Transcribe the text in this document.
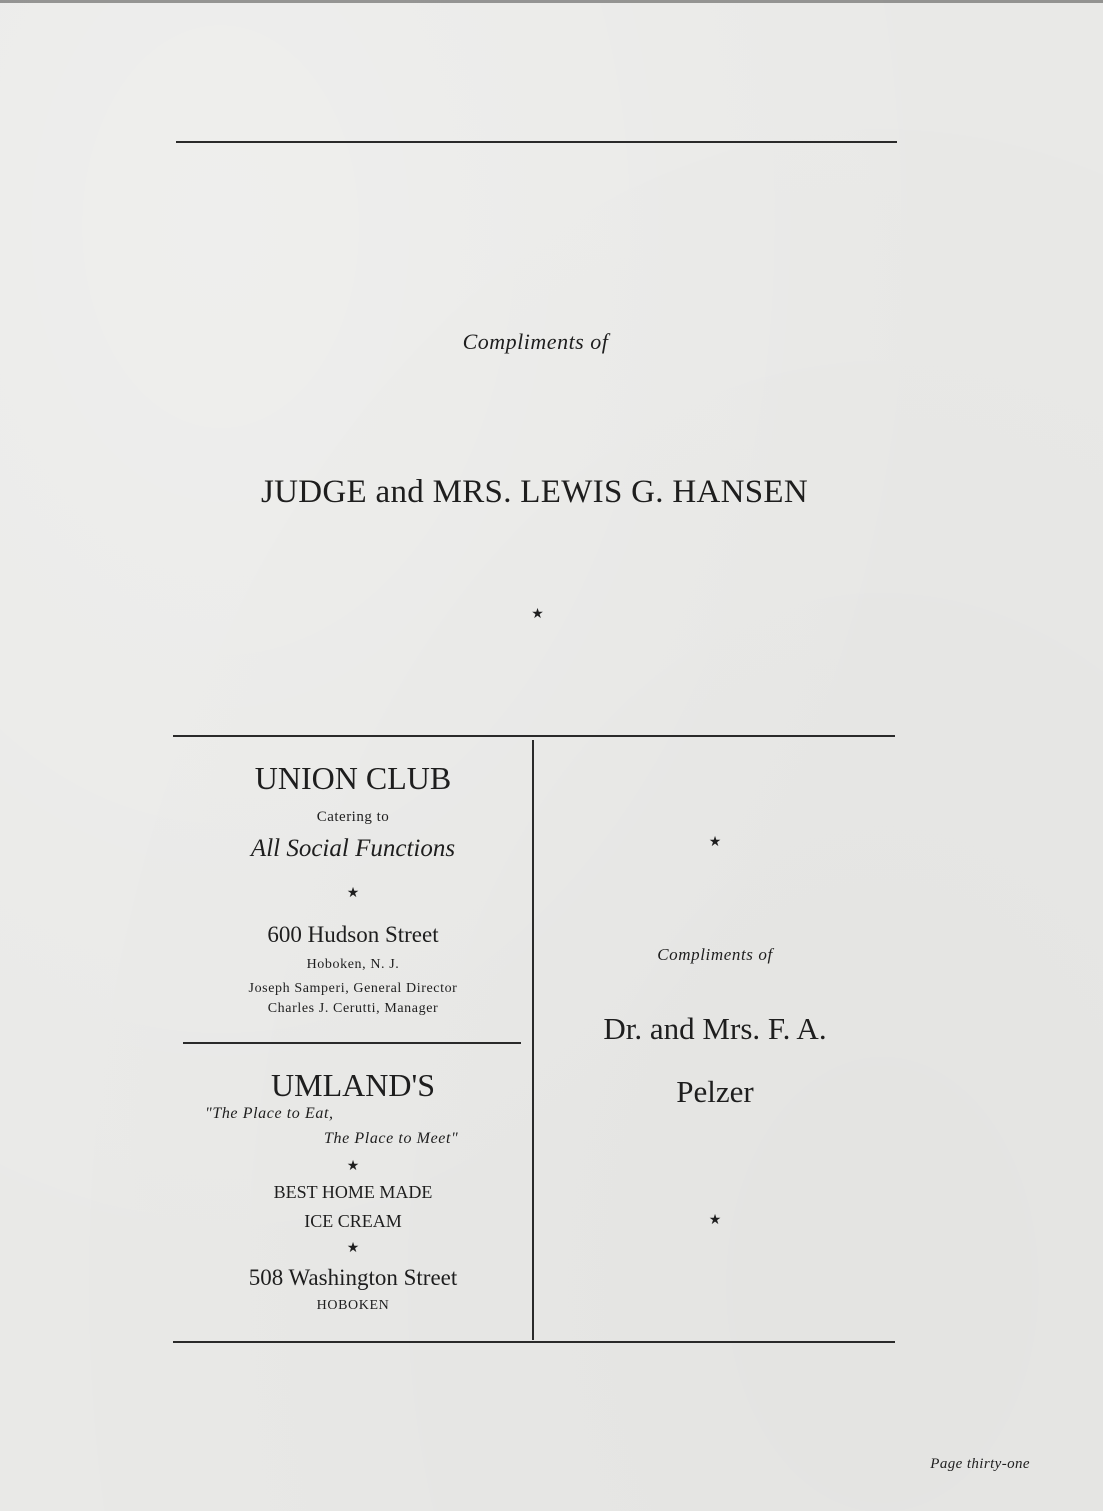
Compliments of
JUDGE and MRS. LEWIS G. HANSEN
★
UNION CLUB
Catering to
All Social Functions
★
600 Hudson Street
Hoboken, N. J.
Joseph Samperi, General Director
Charles J. Cerutti, Manager
UMLAND'S
"The Place to Eat,
The Place to Meet"
★
BEST HOME MADE
ICE CREAM
★
508 Washington Street
HOBOKEN
★
Compliments of
Dr. and Mrs. F. A.
Pelzer
★
Page thirty-one
